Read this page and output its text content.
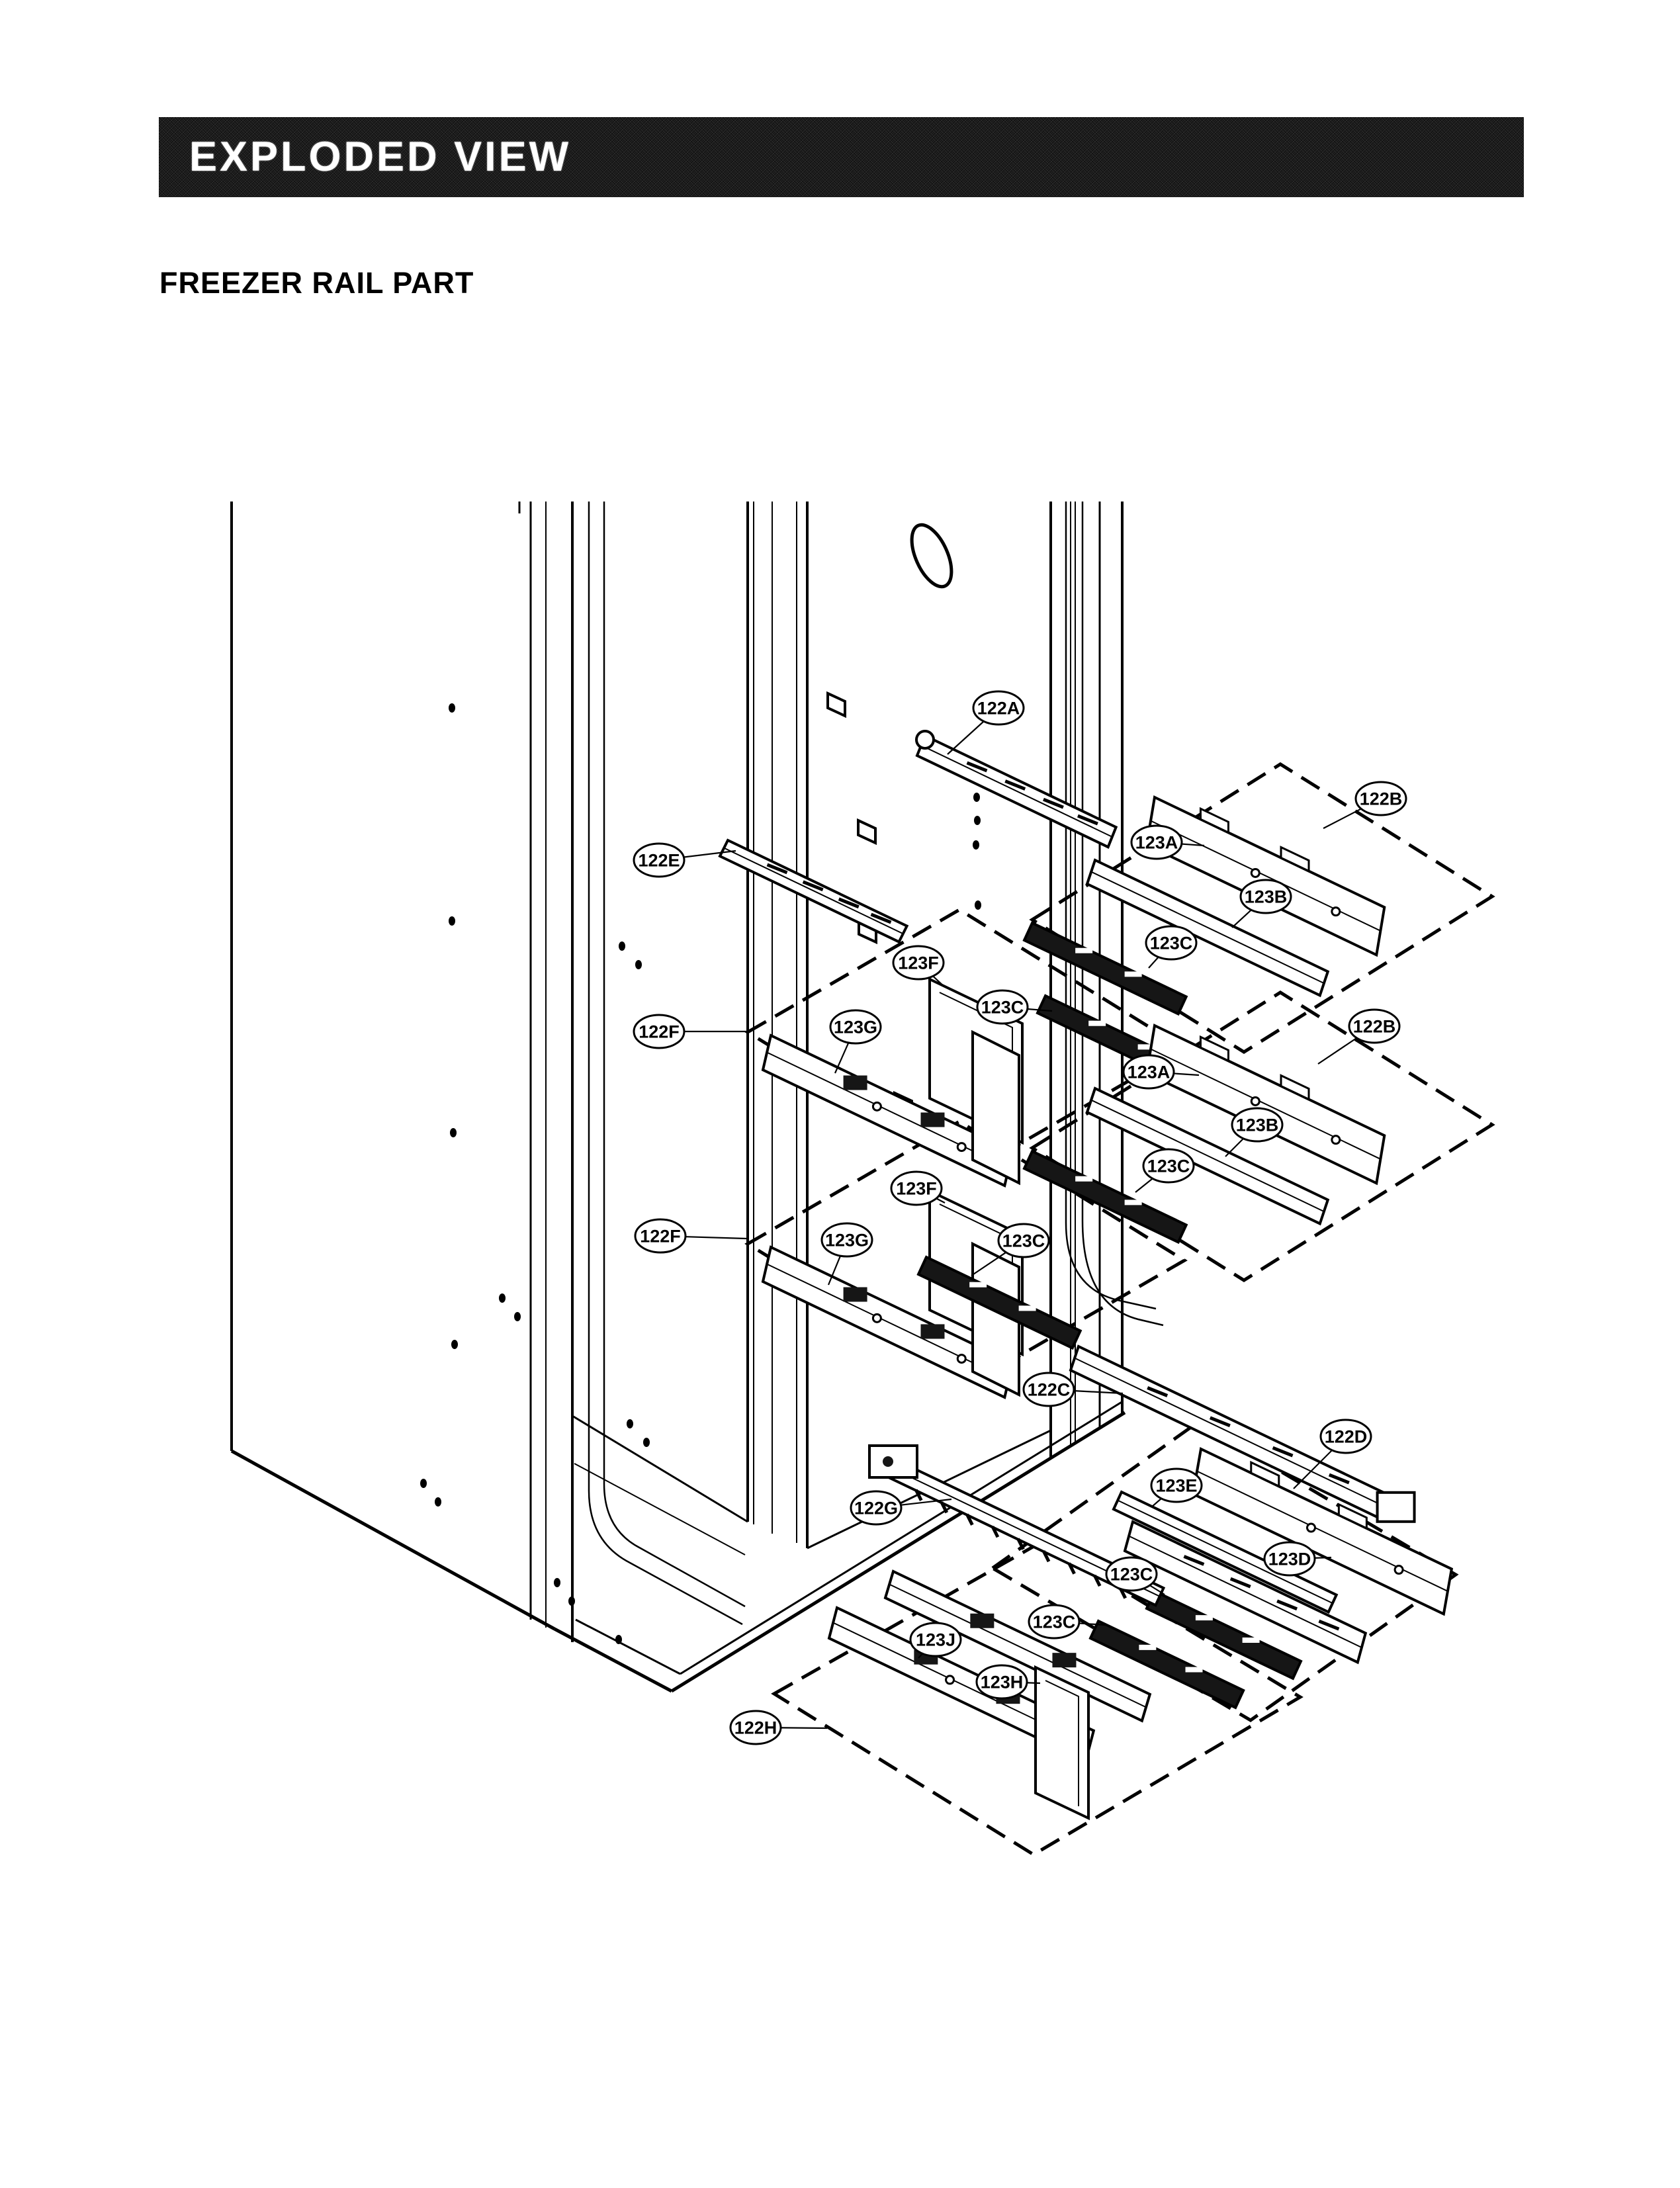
EXPLODED VIEW
FREEZER RAIL PART
122A
122E
122B
123A
123B
123C
123F
123C
122F	123G	122B
123A
123B
123C
123F
122F	123G	123C
122C
122D
123E
122G
123D
123C
123C
123J
123H
122H
